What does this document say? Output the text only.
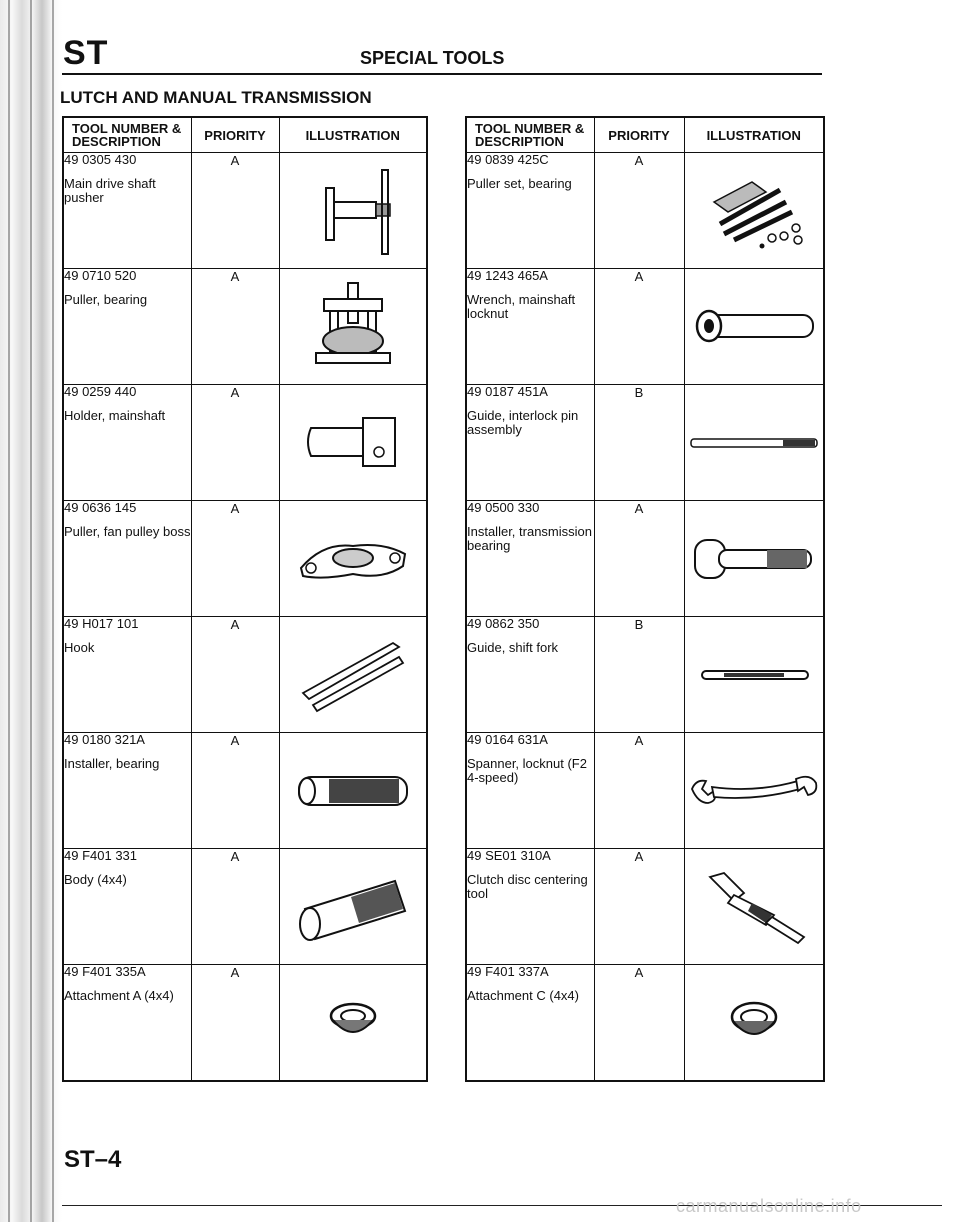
ST	SPECIAL TOOLS
LUTCH AND MANUAL TRANSMISSION
TOOL NUMBER & DESCRIPTION	PRIORITY	ILLUSTRATION

49 0305 430
Main drive shaft pusher	A	

49 0710 520
Puller, bearing	A	

49 0259 440
Holder, mainshaft	A	

49 0636 145
Puller, fan pulley boss	A	

49 H017 101
Hook	A	

49 0180 321A
Installer, bearing	A	

49 F401 331
Body (4x4)	A	

49 F401 335A
Attachment A (4x4)	A	
TOOL NUMBER & DESCRIPTION	PRIORITY	ILLUSTRATION

49 0839 425C
Puller set, bearing	A	

49 1243 465A
Wrench, mainshaft locknut	A	

49 0187 451A
Guide, interlock pin assembly	B	

49 0500 330
Installer, transmission bearing	A	

49 0862 350
Guide, shift fork	B	

49 0164 631A
Spanner, locknut (F2 4-speed)	A	

49 SE01 310A
Clutch disc centering tool	A	

49 F401 337A
Attachment C (4x4)	A	
ST–4
carmanualsonline.info
